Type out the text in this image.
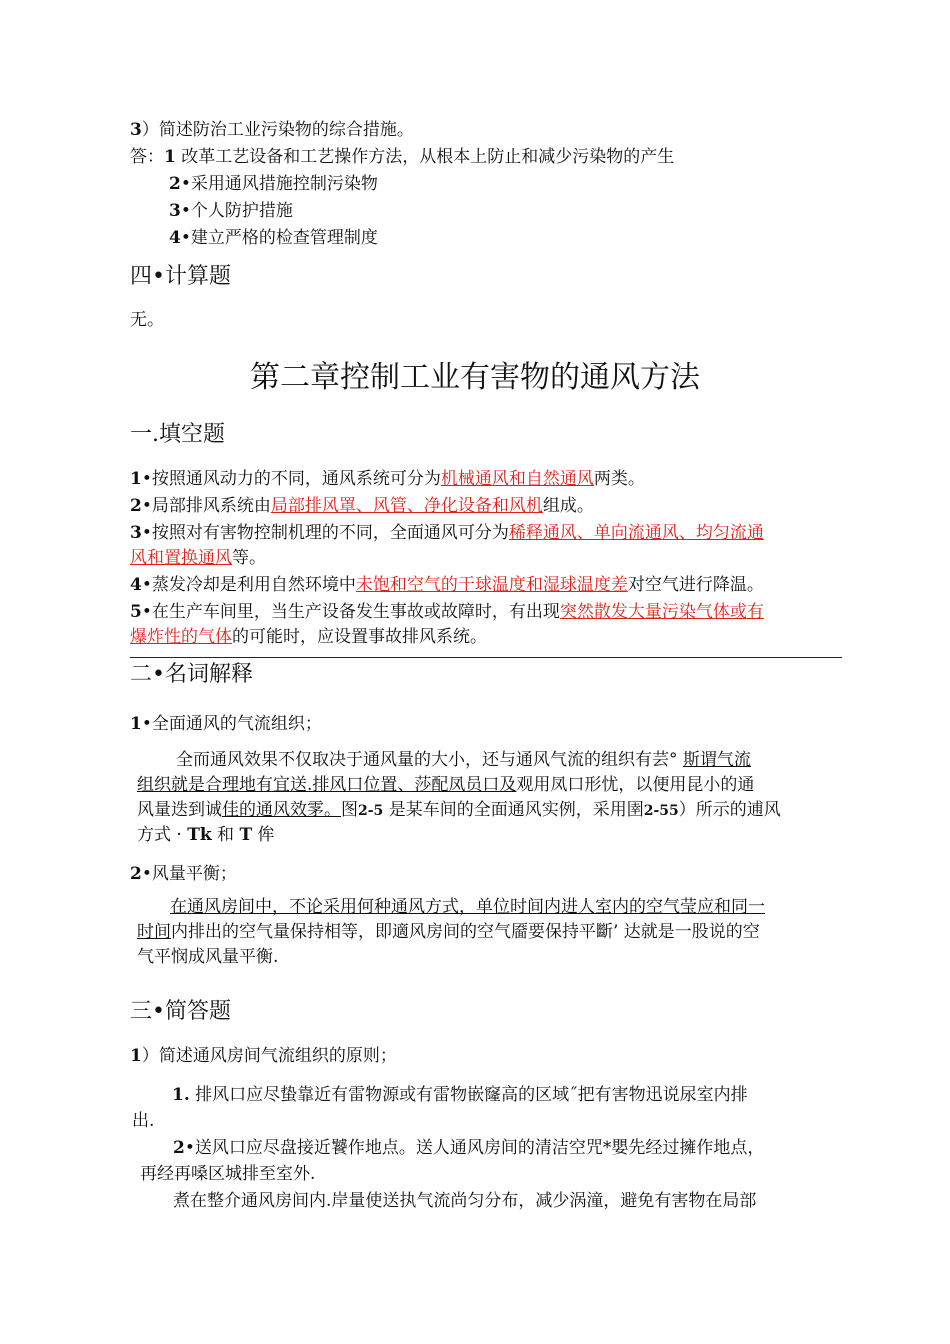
3）简述防治工业污染物的综合措施。
答：1 改革工艺设备和工艺操作方法，从根本上防止和减少污染物的产生
2•采用通风措施控制污染物
3•个人防护措施
4•建立严格的检查管理制度
四•计算题
无。
第二章控制工业有害物的通风方法
一.填空题
1•按照通风动力的不同，通风系统可分为机械通风和自然通风两类。
2•局部排风系统由局部排风罩、风管、净化设备和风机组成。
3•按照对有害物控制机理的不同，全面通风可分为稀释通风、单向流通风、均匀流通
风和置换通风等。
4•蒸发冷却是利用自然环境中未饱和空气的干球温度和湿球温度差对空气进行降温。
5•在生产车间里，当生产设备发生事故或故障时，有出现突然散发大量污染气体或有
爆炸性的气体的可能时，应设置事故排风系统。
二•名词解释
1•全面通风的气流组织；
全而通风效果不仅取决于通风量的大小，还与通风气流的组织有芸° 斯谓气流
组织就是合理地有宜送.排风口位置、莎配凤员口及观用凤口形忧，以便用昆小的通
风量迭到诚佳的通风效雺。图2-5 是某车间的全面通风实例，采用圉2-55）所示的逋风
方式 · Tk 和 T 侔
2•风量平衡；
在通风房间中，不论采用何种通风方式，单位时间内进人室内的空气莹应和同一
时间内排出的空气量保持相等，即適风房间的空气靥要保持平斷’ 达就是一股说的空
气平悯成风量平衡.
三•简答题
1）简述通风房间气流组织的原则；
1. 排风口应尽蛰靠近有雷物源或有雷物嵌窿高的区域˝把有害物迅说尿室内排
出.
2•送风口应尽盘接近饕作地点。送人通风房间的清洁空咒*嬰先经过擁作地点，
再经再嗓区城排至室外.
煮在整介通风房间内.岸量使送执气流尚匀分布，减少涡潼，避免有害物在局部
